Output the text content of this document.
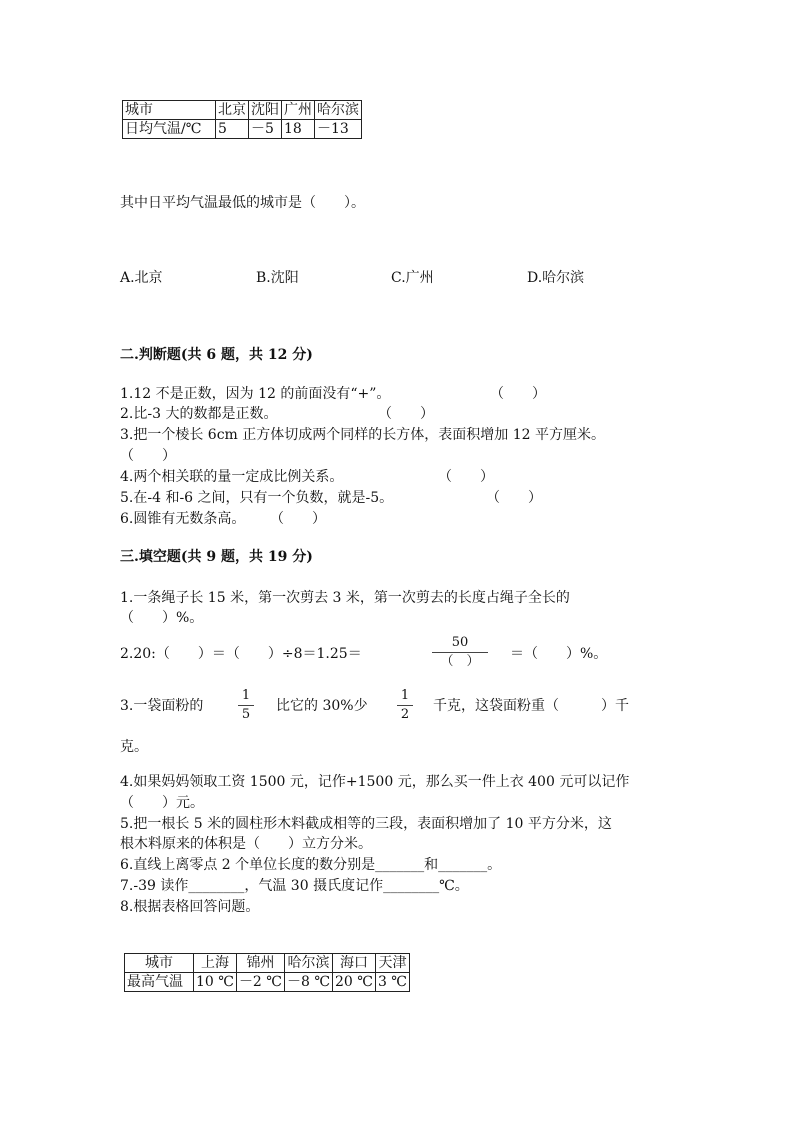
城市	北京	沈阳	广州	哈尔滨
日均气温/℃	5	－5	18	－13
其中日平均气温最低的城市是（　　）。
A.北京	B.沈阳	C.广州	D.哈尔滨
二.判断题(共 6 题，共 12 分)
1.12 不是正数，因为 12 的前面没有“+”。	（　　）
2.比-3 大的数都是正数。	（　　）
3.把一个棱长 6cm 正方体切成两个同样的长方体，表面积增加 12 平方厘米。
（　　）
4.两个相关联的量一定成比例关系。	（　　）
5.在-4 和-6 之间，只有一个负数，就是-5。	（　　）
6.圆锥有无数条高。 （　　）
三.填空题(共 9 题，共 19 分)
1.一条绳子长 15 米，第一次剪去 3 米，第一次剪去的长度占绳子全长的
（　　）%。
2.20:（　　）＝（　　）÷8＝1.25＝
50
（　）	＝（　　）%。
3.一袋面粉的
1
5
比它的 30%少
1
2
千克，这袋面粉重（　　　）千
克。
4.如果妈妈领取工资 1500 元，记作+1500 元，那么买一件上衣 400 元可以记作
（　　）元。
5.把一根长 5 米的圆柱形木料截成相等的三段，表面积增加了 10 平方分米，这
根木料原来的体积是（　　）立方分米。
6.直线上离零点 2 个单位长度的数分别是_______和_______。
7.-39 读作________，气温 30 摄氏度记作________℃。
8.根据表格回答问题。
城市	上海	锦州	哈尔滨	海口	天津
最高气温	10 ℃	－2 ℃	－8 ℃	20 ℃	3 ℃
